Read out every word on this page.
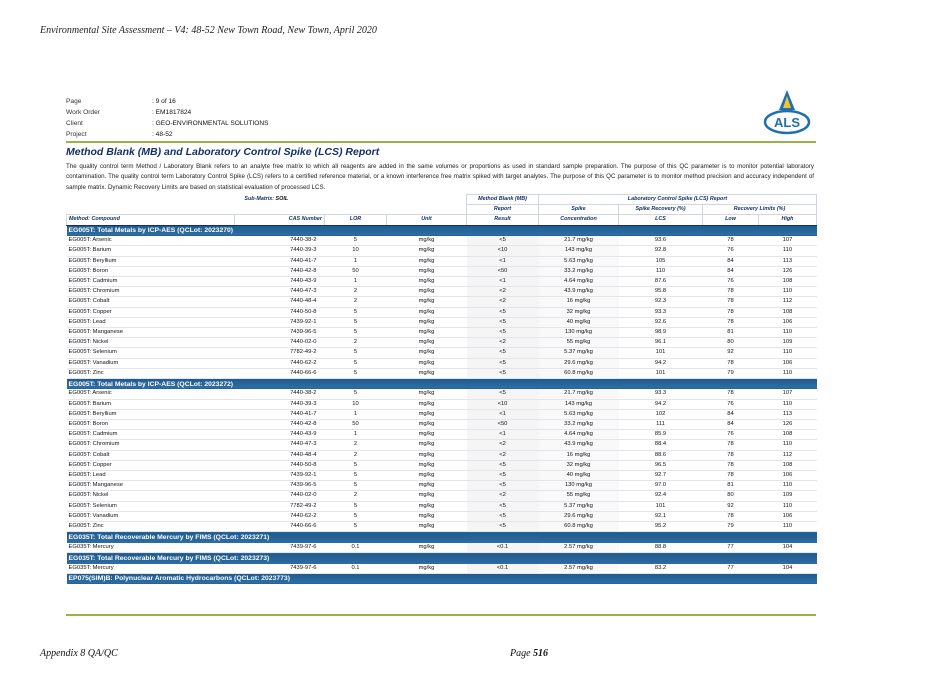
Environmental Site Assessment – V4: 48-52 New Town Road, New Town, April 2020
Page	: 9 of 16
Work Order	: EM1817824
Client	: GEO-ENVIRONMENTAL SOLUTIONS
Project	: 48-52
ALS
Method Blank (MB) and Laboratory Control Spike (LCS) Report
The quality control term Method / Laboratory Blank refers to an analyte free matrix to which all reagents are added in the same volumes or proportions as used in standard sample preparation. The purpose of this QC parameter is to monitor potential laboratory contamination. The quality control term Laboratory Control Spike (LCS) refers to a certified reference material, or a known interference free matrix spiked with target analytes. The purpose of this QC parameter is to monitor method precision and accuracy independent of sample matrix. Dynamic Recovery Limits are based on statistical evaluation of processed LCS.
Sub-Matrix: SOIL				Method Blank (MB)	Laboratory Control Spike (LCS) Report			
				Report	Spike	Spike Recovery (%)	Recovery Limits (%)	
Method: Compound	CAS Number	LOR	Unit	Result	Concentration	LCS	Low	High
EG005T: Total Metals by ICP-AES (QCLot: 2023270)								
EG005T: Arsenic	7440-38-2	5	mg/kg	<5	21.7 mg/kg	93.6	78	107
EG005T: Barium	7440-39-3	10	mg/kg	<10	143 mg/kg	92.8	76	110
EG005T: Beryllium	7440-41-7	1	mg/kg	<1	5.63 mg/kg	105	84	113
EG005T: Boron	7440-42-8	50	mg/kg	<50	33.2 mg/kg	110	84	126
EG005T: Cadmium	7440-43-9	1	mg/kg	<1	4.64 mg/kg	87.6	76	108
EG005T: Chromium	7440-47-3	2	mg/kg	<2	43.9 mg/kg	95.8	78	110
EG005T: Cobalt	7440-48-4	2	mg/kg	<2	16 mg/kg	92.3	78	112
EG005T: Copper	7440-50-8	5	mg/kg	<5	32 mg/kg	93.3	78	108
EG005T: Lead	7439-92-1	5	mg/kg	<5	40 mg/kg	92.6	78	106
EG005T: Manganese	7439-96-5	5	mg/kg	<5	130 mg/kg	98.9	81	110
EG005T: Nickel	7440-02-0	2	mg/kg	<2	55 mg/kg	96.1	80	109
EG005T: Selenium	7782-49-2	5	mg/kg	<5	5.37 mg/kg	101	92	110
EG005T: Vanadium	7440-62-2	5	mg/kg	<5	29.6 mg/kg	94.2	78	106
EG005T: Zinc	7440-66-6	5	mg/kg	<5	60.8 mg/kg	101	79	110
EG005T: Total Metals by ICP-AES (QCLot: 2023272)								
EG005T: Arsenic	7440-38-2	5	mg/kg	<5	21.7 mg/kg	93.3	78	107
EG005T: Barium	7440-39-3	10	mg/kg	<10	143 mg/kg	94.2	76	110
EG005T: Beryllium	7440-41-7	1	mg/kg	<1	5.63 mg/kg	102	84	113
EG005T: Boron	7440-42-8	50	mg/kg	<50	33.2 mg/kg	111	84	126
EG005T: Cadmium	7440-43-9	1	mg/kg	<1	4.64 mg/kg	85.9	76	108
EG005T: Chromium	7440-47-3	2	mg/kg	<2	43.9 mg/kg	88.4	78	110
EG005T: Cobalt	7440-48-4	2	mg/kg	<2	16 mg/kg	88.6	78	112
EG005T: Copper	7440-50-8	5	mg/kg	<5	32 mg/kg	96.5	78	108
EG005T: Lead	7439-92-1	5	mg/kg	<5	40 mg/kg	92.7	78	106
EG005T: Manganese	7439-96-5	5	mg/kg	<5	130 mg/kg	97.0	81	110
EG005T: Nickel	7440-02-0	2	mg/kg	<2	55 mg/kg	92.4	80	109
EG005T: Selenium	7782-49-2	5	mg/kg	<5	5.37 mg/kg	101	92	110
EG005T: Vanadium	7440-62-2	5	mg/kg	<5	29.6 mg/kg	92.1	78	106
EG005T: Zinc	7440-66-6	5	mg/kg	<5	60.8 mg/kg	95.2	79	110
EG035T: Total Recoverable Mercury by FIMS (QCLot: 2023271)								
EG035T: Mercury	7439-97-6	0.1	mg/kg	<0.1	2.57 mg/kg	88.8	77	104
EG035T: Total Recoverable Mercury by FIMS (QCLot: 2023273)								
EG035T: Mercury	7439-97-6	0.1	mg/kg	<0.1	2.57 mg/kg	83.2	77	104
EP075(SIM)B: Polynuclear Aromatic Hydrocarbons (QCLot: 2023773)								
Appendix 8 QA/QC	Page 516
